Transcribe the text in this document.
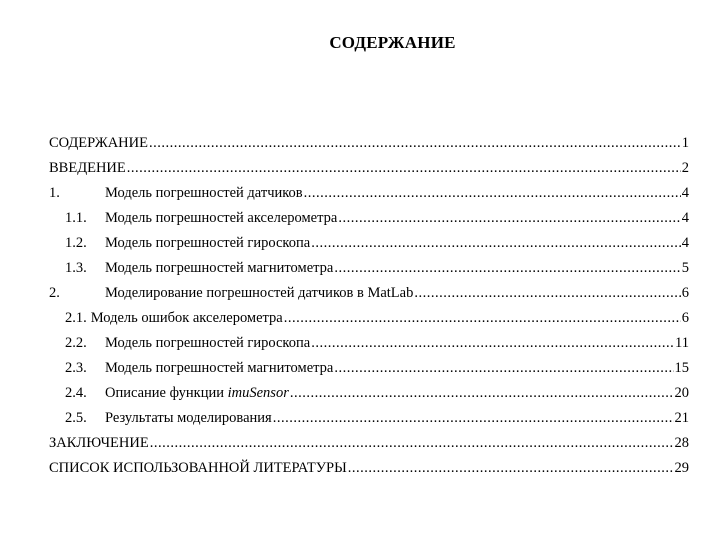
СОДЕРЖАНИЕ
СОДЕРЖАНИЕ .....	1
ВВЕДЕНИЕ .....	2
1.	Модель погрешностей датчиков .....	4
1.1.	Модель погрешностей акселерометра .....	4
1.2.	Модель погрешностей гироскопа .....	4
1.3.	Модель погрешностей магнитометра .....	5
2.	Моделирование погрешностей датчиков в MatLab .....	6
2.1. Модель ошибок акселерометра .....	6
2.2.	Модель погрешностей гироскопа .....	11
2.3.	Модель погрешностей магнитометра .....	15
2.4.	Описание функции imuSensor .....	20
2.5.	Результаты моделирования .....	21
ЗАКЛЮЧЕНИЕ .....	28
СПИСОК ИСПОЛЬЗОВАННОЙ ЛИТЕРАТУРЫ .....	29
